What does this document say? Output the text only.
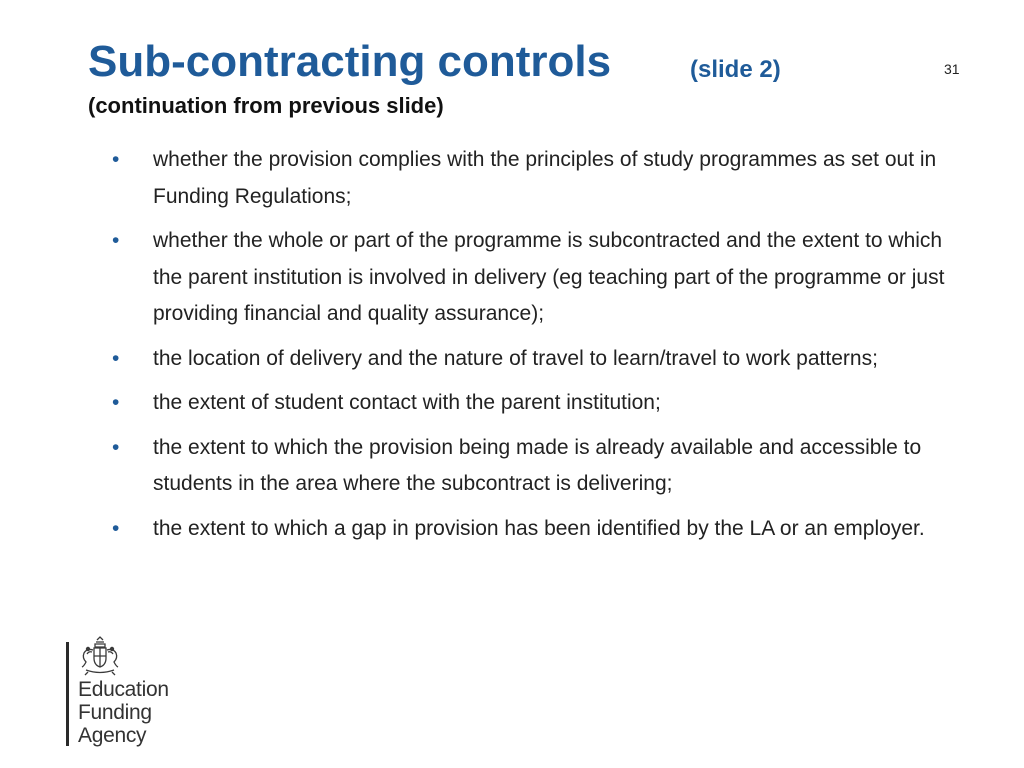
Sub-contracting controls	(slide 2)	31
(continuation from previous slide)
• whether the provision complies with the principles of study programmes as set out in Funding Regulations;
• whether the whole or part of the programme is subcontracted and the extent to which the parent institution is involved in delivery (eg teaching part of the programme or just providing financial and quality assurance);
• the location of delivery and the nature of travel to learn/travel to work patterns;
• the extent of student contact with the parent institution;
• the extent to which the provision being made is already available and accessible to students in the area where the subcontract is delivering;
• the extent to which a gap in provision has been identified by the LA or an employer.
Education
Funding
Agency
